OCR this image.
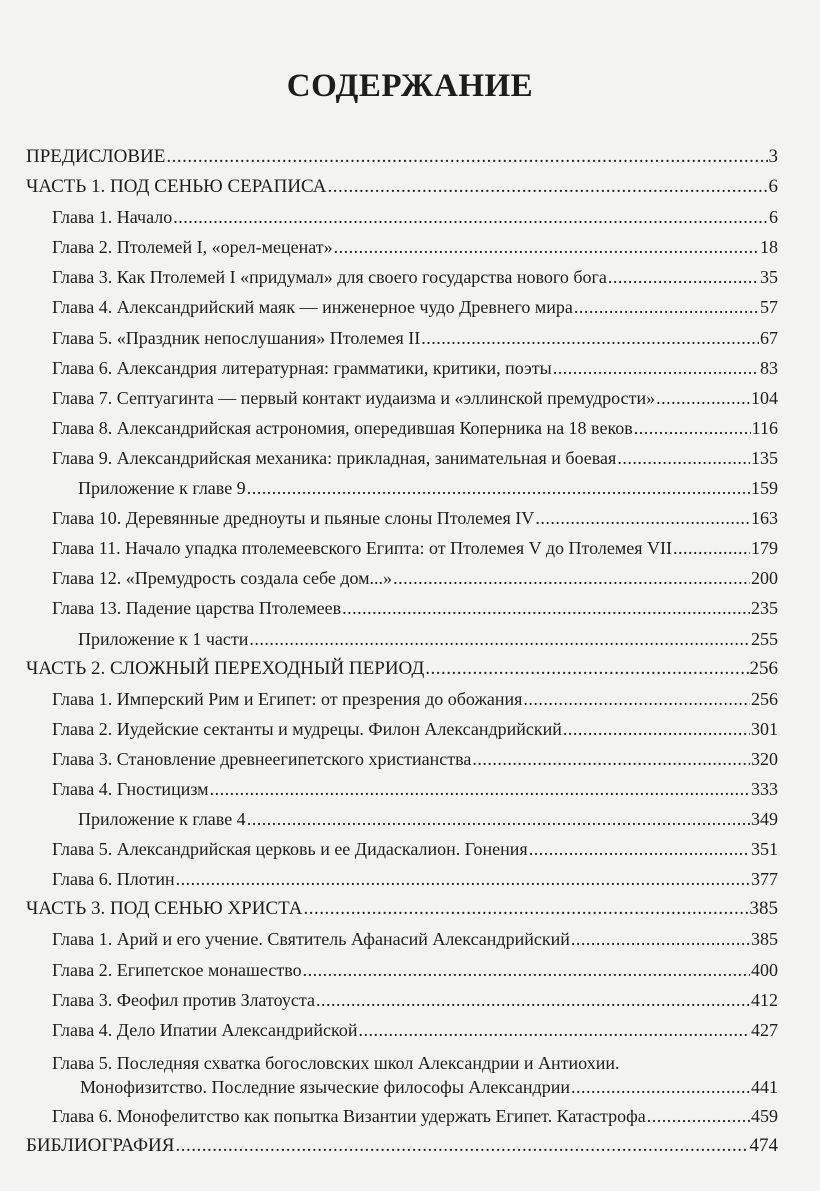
СОДЕРЖАНИЕ
ПРЕДИСЛОВИЕ .....	3
ЧАСТЬ 1. ПОД СЕНЬЮ СЕРАПИСА .....	6
Глава 1. Начало .....	6
Глава 2. Птолемей I, «орел-меценат» .....	18
Глава 3. Как Птолемей I «придумал» для своего государства нового бога .....	35
Глава 4. Александрийский маяк — инженерное чудо Древнего мира .....	57
Глава 5. «Праздник непослушания» Птолемея II .....	67
Глава 6. Александрия литературная: грамматики, критики, поэты .....	83
Глава 7. Септуагинта — первый контакт иудаизма и «эллинской премудрости» .....	104
Глава 8. Александрийская астрономия, опередившая Коперника на 18 веков .....	116
Глава 9. Александрийская механика: прикладная, занимательная и боевая .....	135
Приложение к главе 9 .....	159
Глава 10. Деревянные дредноуты и пьяные слоны Птолемея IV .....	163
Глава 11. Начало упадка птолемеевского Египта: от Птолемея V до Птолемея VII .....	179
Глава 12. «Премудрость создала себе дом...» .....	200
Глава 13. Падение царства Птолемеев .....	235
Приложение к 1 части .....	255
ЧАСТЬ 2. СЛОЖНЫЙ ПЕРЕХОДНЫЙ ПЕРИОД .....	256
Глава 1. Имперский Рим и Египет: от презрения до обожания .....	256
Глава 2. Иудейские сектанты и мудрецы. Филон Александрийский .....	301
Глава 3. Становление древнеегипетского христианства .....	320
Глава 4. Гностицизм .....	333
Приложение к главе 4 .....	349
Глава 5. Александрийская церковь и ее Дидаскалион. Гонения .....	351
Глава 6. Плотин .....	377
ЧАСТЬ 3. ПОД СЕНЬЮ ХРИСТА .....	385
Глава 1. Арий и его учение. Святитель Афанасий Александрийский .....	385
Глава 2. Египетское монашество .....	400
Глава 3. Феофил против Златоуста .....	412
Глава 4. Дело Ипатии Александрийской .....	427
Глава 5. Последняя схватка богословских школ Александрии и Антиохии.
Монофизитство. Последние языческие философы Александрии .....	441
Глава 6. Монофелитство как попытка Византии удержать Египет. Катастрофа .....	459
БИБЛИОГРАФИЯ .....	474
